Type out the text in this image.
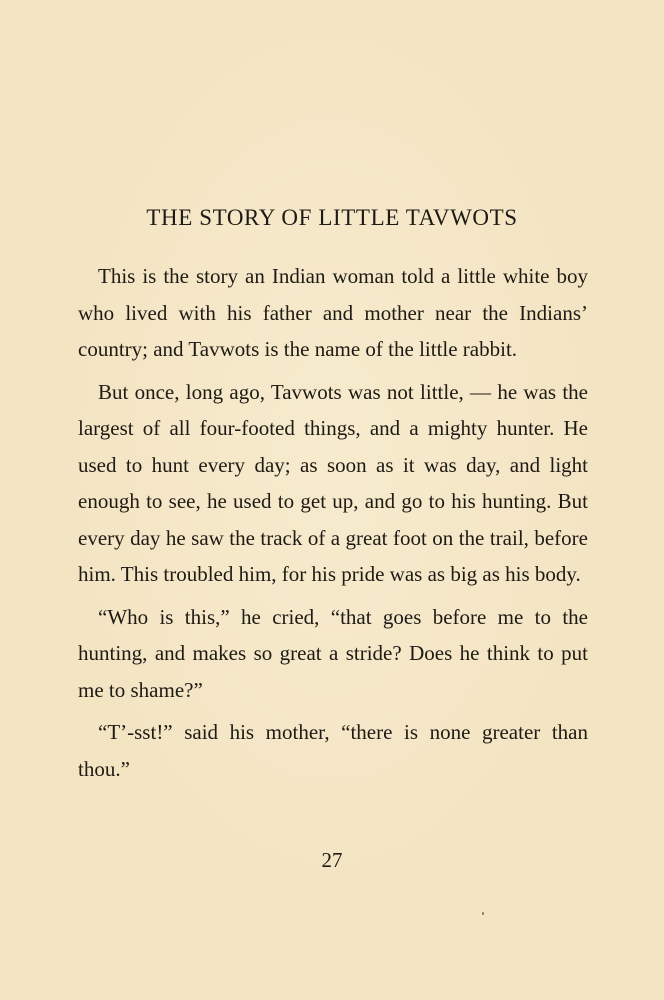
THE STORY OF LITTLE TAVWOTS

This is the story an Indian woman told a little white boy who lived with his father and mother near the Indians’ country; and Tavwots is the name of the little rabbit.

But once, long ago, Tavwots was not little, — he was the largest of all four-footed things, and a mighty hunter. He used to hunt every day; as soon as it was day, and light enough to see, he used to get up, and go to his hunting. But every day he saw the track of a great foot on the trail, before him. This troubled him, for his pride was as big as his body.

“Who is this,” he cried, “that goes before me to the hunting, and makes so great a stride? Does he think to put me to shame?”

“T’-sst!” said his mother, “there is none greater than thou.”

27
